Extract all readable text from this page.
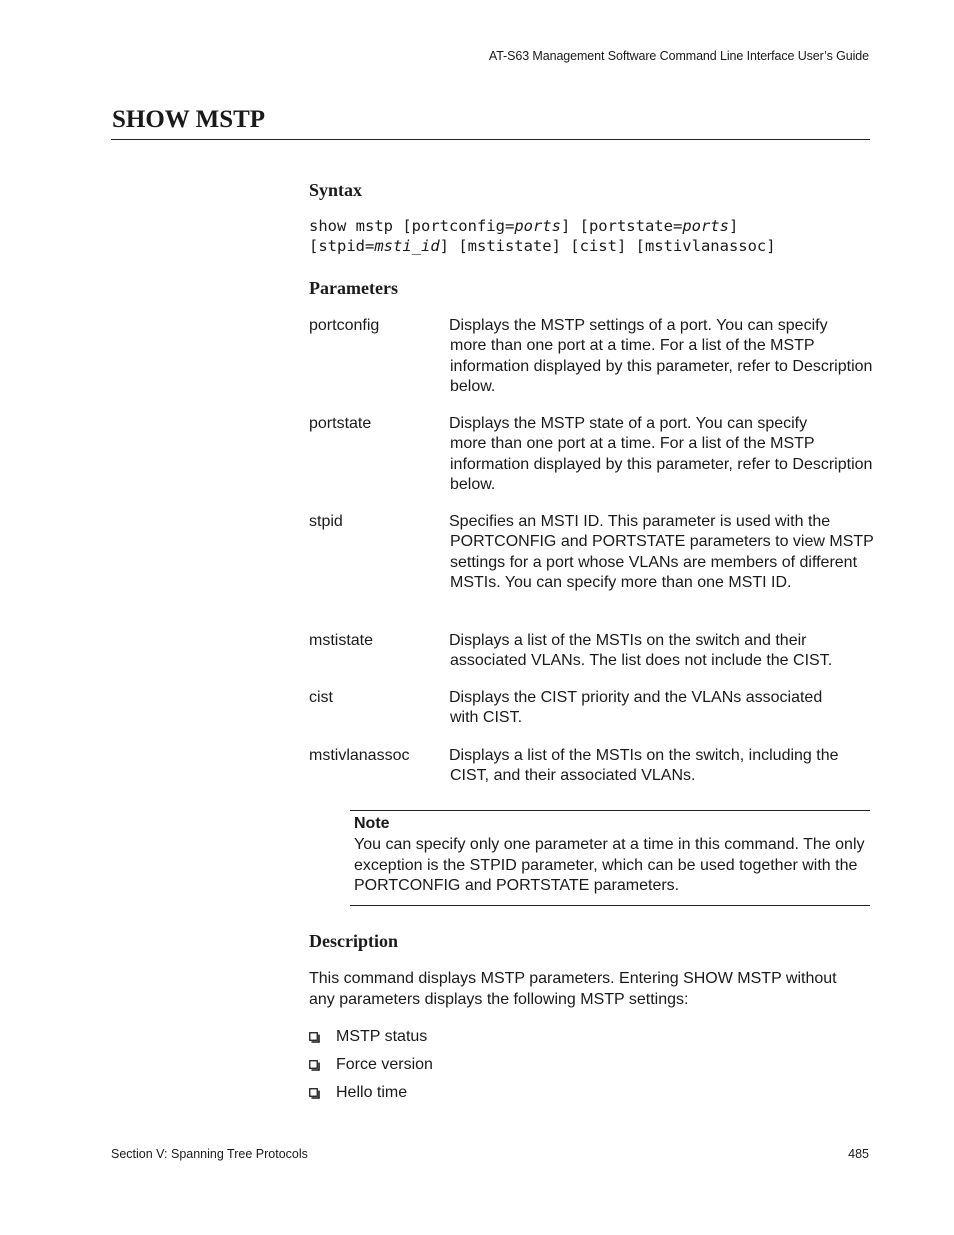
AT-S63 Management Software Command Line Interface User’s Guide
SHOW MSTP
Syntax
show mstp [portconfig=ports] [portstate=ports]
[stpid=msti_id] [mstistate] [cist] [mstivlanassoc]
Parameters
portconfig	Displays the MSTP settings of a port. You can specify
more than one port at a time. For a list of the MSTP information displayed by this parameter, refer to Description below.
portstate	Displays the MSTP state of a port. You can specify
more than one port at a time. For a list of the MSTP information displayed by this parameter, refer to Description below.
stpid	Specifies an MSTI ID. This parameter is used with the
PORTCONFIG and PORTSTATE parameters to view MSTP settings for a port whose VLANs are members of different MSTIs. You can specify more than one MSTI ID.
mstistate	Displays a list of the MSTIs on the switch and their
associated VLANs. The list does not include the CIST.
cist	Displays the CIST priority and the VLANs associated
with CIST.
mstivlanassoc Displays a list of the MSTIs on the switch, including the
CIST, and their associated VLANs.
Note
You can specify only one parameter at a time in this command. The only exception is the STPID parameter, which can be used together with the PORTCONFIG and PORTSTATE parameters.
Description
This command displays MSTP parameters. Entering SHOW MSTP without any parameters displays the following MSTP settings:
MSTP status
Force version
Hello time
Section V: Spanning Tree Protocols	485
